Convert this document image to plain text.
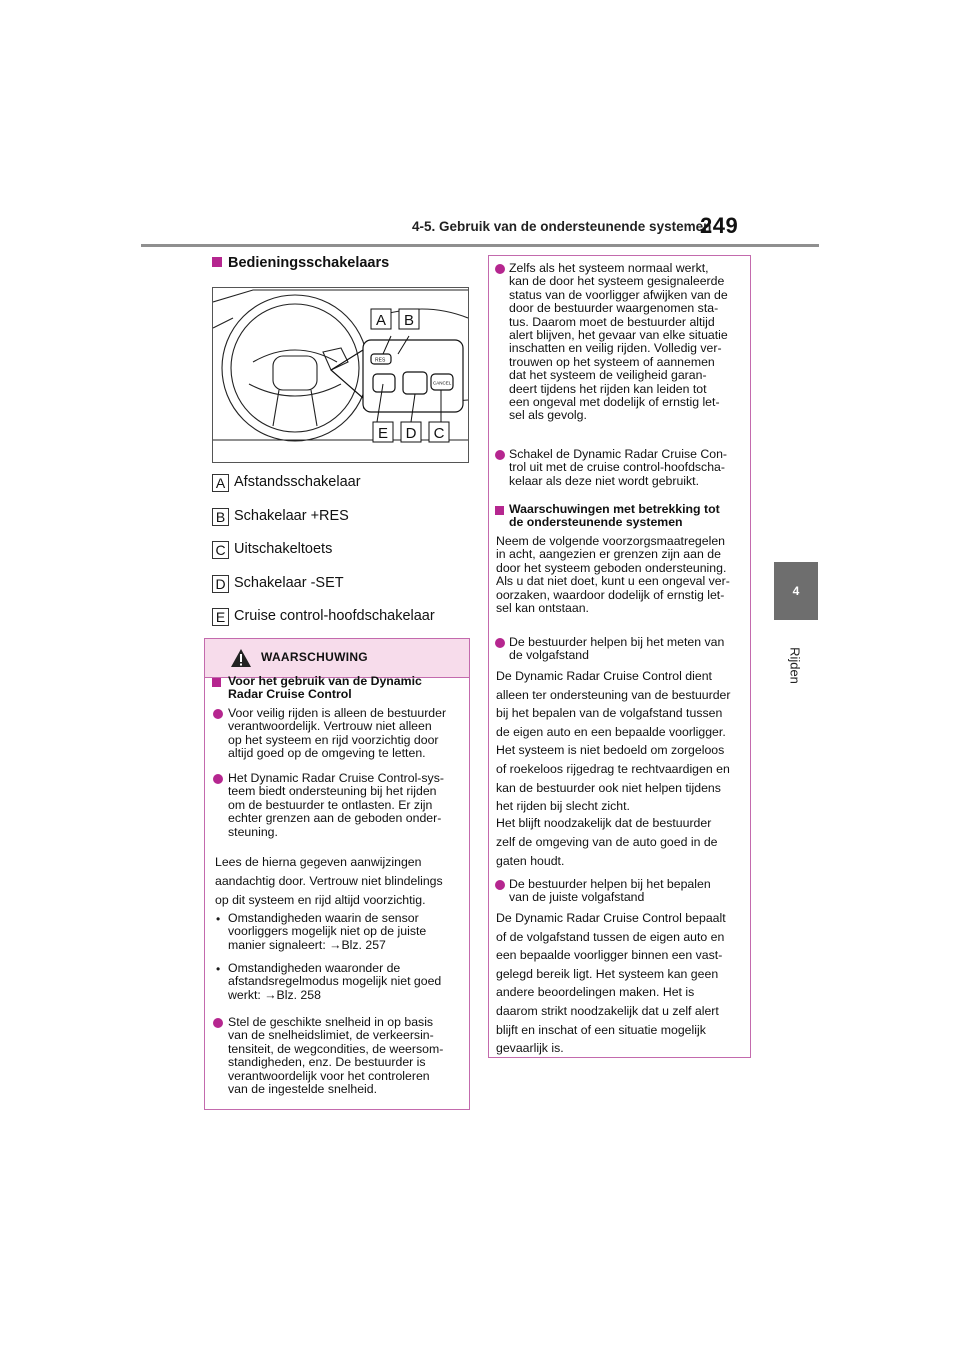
4-5. Gebruik van de ondersteunende systemen
249
4
Rijden
Bedieningsschakelaars
RES
CANCEL
A B
E D C
A Afstandsschakelaar
B Schakelaar +RES
C Uitschakeltoets
D Schakelaar -SET
E Cruise control-hoofdschakelaar
WAARSCHUWING
Voor het gebruik van de Dynamic
Radar Cruise Control
Voor veilig rijden is alleen de bestuurder
verantwoordelijk. Vertrouw niet alleen
op het systeem en rijd voorzichtig door
altijd goed op de omgeving te letten.
Het Dynamic Radar Cruise Control-sys-
teem biedt ondersteuning bij het rijden
om de bestuurder te ontlasten. Er zijn
echter grenzen aan de geboden onder-
steuning.
Lees de hierna gegeven aanwijzingen
aandachtig door. Vertrouw niet blindelings
op dit systeem en rijd altijd voorzichtig.
• Omstandigheden waarin de sensor
voorliggers mogelijk niet op de juiste
manier signaleert: →Blz. 257
• Omstandigheden waaronder de
afstandsregelmodus mogelijk niet goed
werkt: →Blz. 258
Stel de geschikte snelheid in op basis
van de snelheidslimiet, de verkeersin-
tensiteit, de wegcondities, de weersom-
standigheden, enz. De bestuurder is
verantwoordelijk voor het controleren
van de ingestelde snelheid.
Zelfs als het systeem normaal werkt,
kan de door het systeem gesignaleerde
status van de voorligger afwijken van de
door de bestuurder waargenomen sta-
tus. Daarom moet de bestuurder altijd
alert blijven, het gevaar van elke situatie
inschatten en veilig rijden. Volledig ver-
trouwen op het systeem of aannemen
dat het systeem de veiligheid garan-
deert tijdens het rijden kan leiden tot
een ongeval met dodelijk of ernstig let-
sel als gevolg.
Schakel de Dynamic Radar Cruise Con-
trol uit met de cruise control-hoofdscha-
kelaar als deze niet wordt gebruikt.
Waarschuwingen met betrekking tot
de ondersteunende systemen
Neem de volgende voorzorgsmaatregelen
in acht, aangezien er grenzen zijn aan de
door het systeem geboden ondersteuning.
Als u dat niet doet, kunt u een ongeval ver-
oorzaken, waardoor dodelijk of ernstig let-
sel kan ontstaan.
De bestuurder helpen bij het meten van
de volgafstand
De Dynamic Radar Cruise Control dient
alleen ter ondersteuning van de bestuurder
bij het bepalen van de volgafstand tussen
de eigen auto en een bepaalde voorligger.
Het systeem is niet bedoeld om zorgeloos
of roekeloos rijgedrag te rechtvaardigen en
kan de bestuurder ook niet helpen tijdens
het rijden bij slecht zicht.
Het blijft noodzakelijk dat de bestuurder
zelf de omgeving van de auto goed in de
gaten houdt.
De bestuurder helpen bij het bepalen
van de juiste volgafstand
De Dynamic Radar Cruise Control bepaalt
of de volgafstand tussen de eigen auto en
een bepaalde voorligger binnen een vast-
gelegd bereik ligt. Het systeem kan geen
andere beoordelingen maken. Het is
daarom strikt noodzakelijk dat u zelf alert
blijft en inschat of een situatie mogelijk
gevaarlijk is.
